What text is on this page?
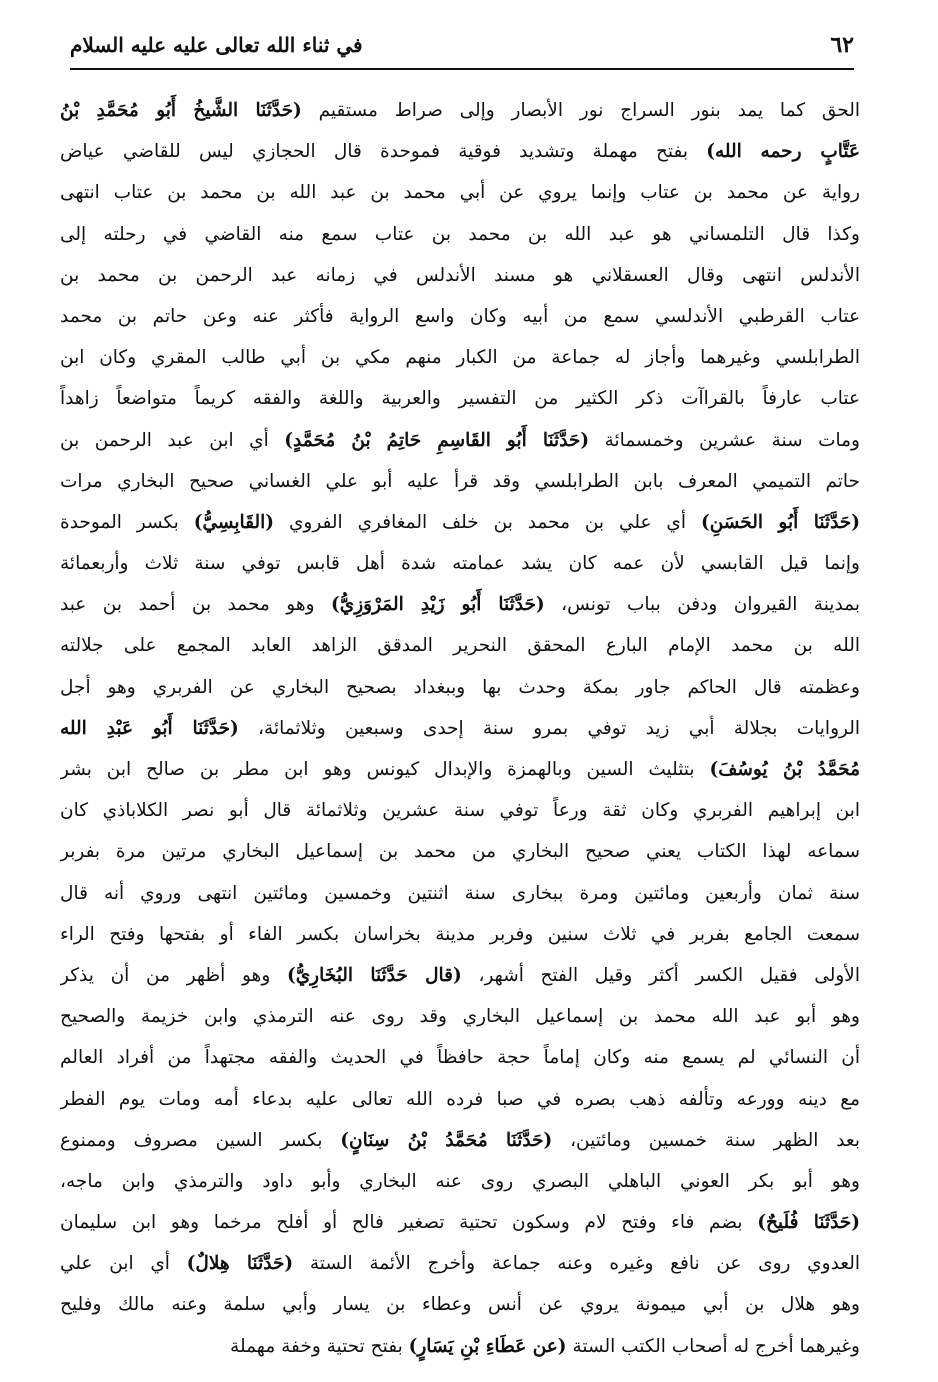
٦٢
في ثناء الله تعالى عليه عليه السلام
الحق كما يمد بنور السراج نور الأبصار وإلى صراط مستقيم (حَدَّثَنَا الشَّيخُ أَبُو مُحَمَّدِ بْنُ
عَتَّابٍ رحمه الله) بفتح مهملة وتشديد فوقية فموحدة قال الحجازي ليس للقاضي عياض
رواية عن محمد بن عتاب وإنما يروي عن أبي محمد بن عبد الله بن محمد بن عتاب انتهى
وكذا قال التلمساني هو عبد الله بن محمد بن عتاب سمع منه القاضي في رحلته إلى
الأندلس انتهى وقال العسقلاني هو مسند الأندلس في زمانه عبد الرحمن بن محمد بن
عتاب القرطبي الأندلسي سمع من أبيه وكان واسع الرواية فأكثر عنه وعن حاتم بن محمد
الطرابلسي وغيرهما وأجاز له جماعة من الكبار منهم مكي بن أبي طالب المقري وكان ابن
عتاب عارفاً بالقراآت ذكر الكثير من التفسير والعربية واللغة والفقه كريماً متواضعاً زاهداً
ومات سنة عشرين وخمسمائة (حَدَّثَنَا أَبُو القَاسِمِ حَاتِمُ بْنُ مُحَمَّدٍ) أي ابن عبد الرحمن بن
حاتم التميمي المعرف بابن الطرابلسي وقد قرأ عليه أبو علي الغساني صحيح البخاري مرات
(حَدَّثَنَا أَبُو الحَسَنِ) أي علي بن محمد بن خلف المغافري الفروي (القَابِسِيُّ) بكسر الموحدة
وإنما قيل القابسي لأن عمه كان يشد عمامته شدة أهل قابس توفي سنة ثلاث وأربعمائة
بمدينة القيروان ودفن بباب تونس، (حَدَّثَنَا أَبُو زَيْدِ المَرْوَزِيُّ) وهو محمد بن أحمد بن عبد
الله بن محمد الإمام البارع المحقق النحرير المدقق الزاهد العابد المجمع على جلالته
وعظمته قال الحاكم جاور بمكة وحدث بها وببغداد بصحيح البخاري عن الفربري وهو أجل
الروايات بجلالة أبي زيد توفي بمرو سنة إحدى وسبعين وثلاثمائة، (حَدَّثَنَا أَبُو عَبْدِ الله
مُحَمَّدُ بْنُ يُوسُفَ) بتثليث السين وبالهمزة والإبدال كيونس وهو ابن مطر بن صالح ابن بشر
ابن إبراهيم الفربري وكان ثقة ورعاً توفي سنة عشرين وثلاثمائة قال أبو نصر الكلاباذي كان
سماعه لهذا الكتاب يعني صحيح البخاري من محمد بن إسماعيل البخاري مرتين مرة بفربر
سنة ثمان وأربعين ومائتين ومرة ببخارى سنة اثنتين وخمسين ومائتين انتهى وروي أنه قال
سمعت الجامع بفربر في ثلاث سنين وفربر مدينة بخراسان بكسر الفاء أو بفتحها وفتح الراء
الأولى فقيل الكسر أكثر وقيل الفتح أشهر، (قال حَدَّثَنَا البُخَارِيُّ) وهو أظهر من أن يذكر
وهو أبو عبد الله محمد بن إسماعيل البخاري وقد روى عنه الترمذي وابن خزيمة والصحيح
أن النسائي لم يسمع منه وكان إماماً حجة حافظاً في الحديث والفقه مجتهداً من أفراد العالم
مع دينه وورعه وتألفه ذهب بصره في صبا فرده الله تعالى عليه بدعاء أمه ومات يوم الفطر
بعد الظهر سنة خمسين ومائتين، (حَدَّثَنَا مُحَمَّدُ بْنُ سِنَانٍ) بكسر السين مصروف وممنوع
وهو أبو بكر العوني الباهلي البصري روى عنه البخاري وأبو داود والترمذي وابن ماجه،
(حَدَّثَنَا فُلَيحٌ) بضم فاء وفتح لام وسكون تحتية تصغير فالح أو أفلح مرخما وهو ابن سليمان
العدوي روى عن نافع وغيره وعنه جماعة وأخرج الأئمة الستة (حَدَّثَنَا هِلالٌ) أي ابن علي
وهو هلال بن أبي ميمونة يروي عن أنس وعطاء بن يسار وأبي سلمة وعنه مالك وفليح
وغيرهما أخرج له أصحاب الكتب الستة (عن عَطَاءِ بْنِ يَسَارٍ) بفتح تحتية وخفة مهملة
